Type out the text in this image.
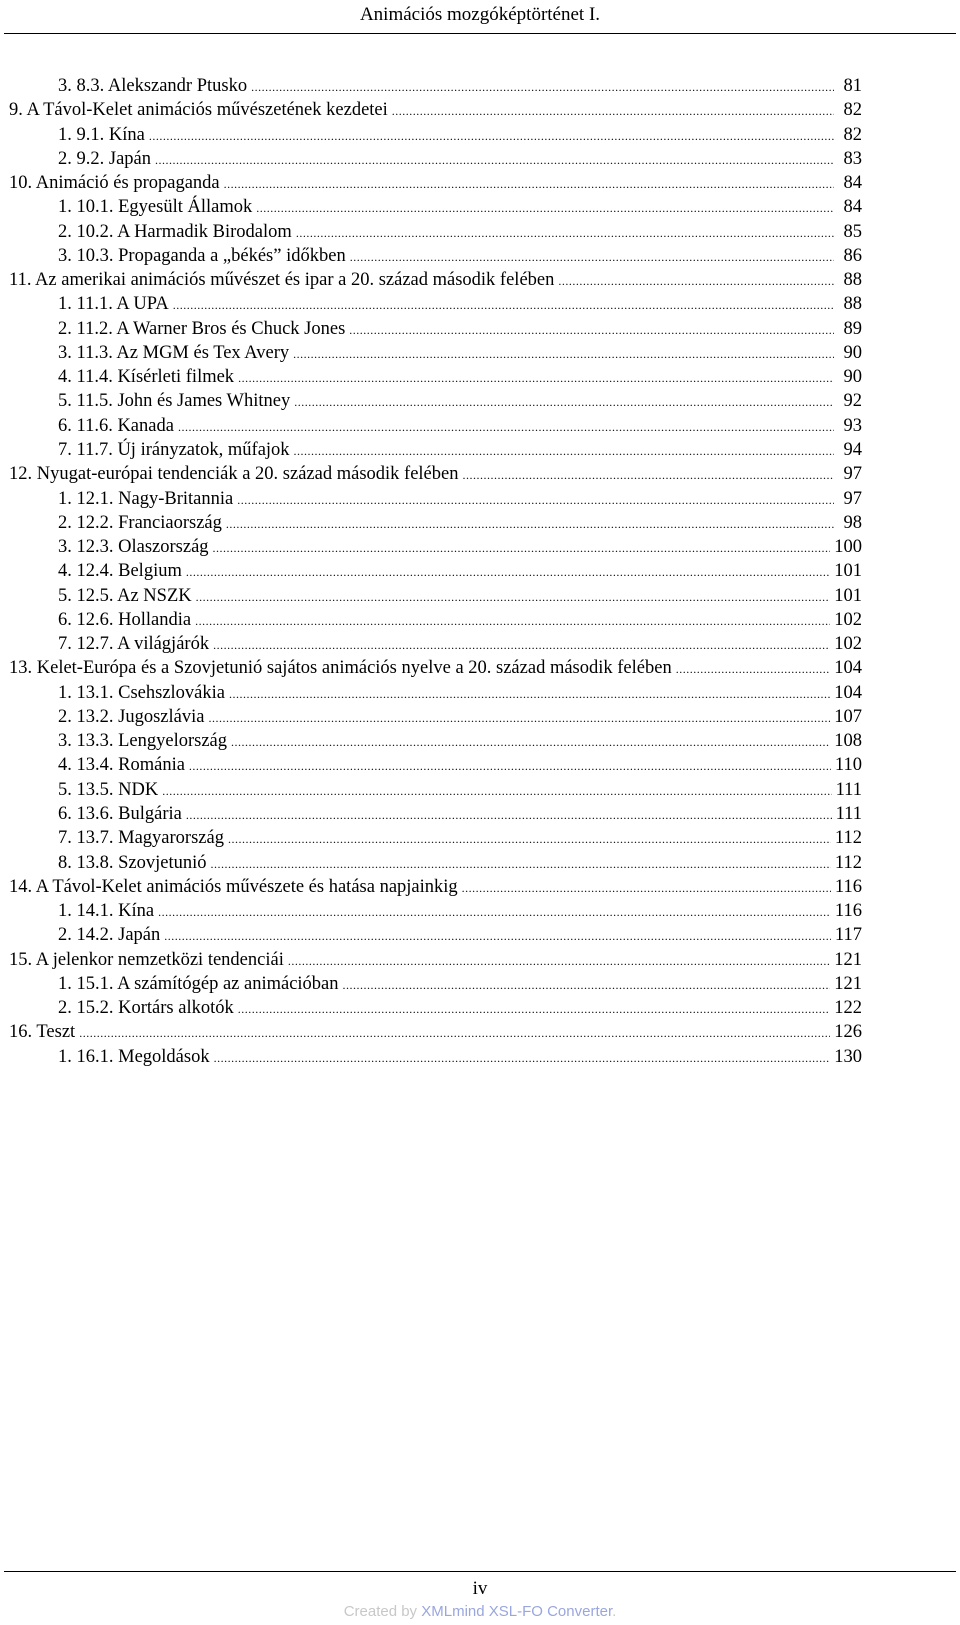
Animációs mozgóképtörténet I.
3. 8.3. Alekszandr Ptusko .....	81
9. A Távol-Kelet animációs művészetének kezdetei .....	82
1. 9.1. Kína .....	82
2. 9.2. Japán .....	83
10. Animáció és propaganda .....	84
1. 10.1. Egyesült Államok .....	84
2. 10.2. A Harmadik Birodalom .....	85
3. 10.3. Propaganda a „békés” időkben .....	86
11. Az amerikai animációs művészet és ipar a 20. század második felében .....	88
1. 11.1. A UPA .....	88
2. 11.2. A Warner Bros és Chuck Jones .....	89
3. 11.3. Az MGM és Tex Avery .....	90
4. 11.4. Kísérleti filmek .....	90
5. 11.5. John és James Whitney .....	92
6. 11.6. Kanada .....	93
7. 11.7. Új irányzatok, műfajok .....	94
12. Nyugat-európai tendenciák a 20. század második felében .....	97
1. 12.1. Nagy-Britannia .....	97
2. 12.2. Franciaország .....	98
3. 12.3. Olaszország .....	100
4. 12.4. Belgium .....	101
5. 12.5. Az NSZK .....	101
6. 12.6. Hollandia .....	102
7. 12.7. A világjárók .....	102
13. Kelet-Európa és a Szovjetunió sajátos animációs nyelve a 20. század második felében .....	104
1. 13.1. Csehszlovákia .....	104
2. 13.2. Jugoszlávia .....	107
3. 13.3. Lengyelország .....	108
4. 13.4. Románia .....	110
5. 13.5. NDK .....	111
6. 13.6. Bulgária .....	111
7. 13.7. Magyarország .....	112
8. 13.8. Szovjetunió .....	112
14. A Távol-Kelet animációs művészete és hatása napjainkig .....	116
1. 14.1. Kína .....	116
2. 14.2. Japán .....	117
15. A jelenkor nemzetközi tendenciái .....	121
1. 15.1. A számítógép az animációban .....	121
2. 15.2. Kortárs alkotók .....	122
16. Teszt .....	126
1. 16.1. Megoldások .....	130
iv
Created by XMLmind XSL-FO Converter.
